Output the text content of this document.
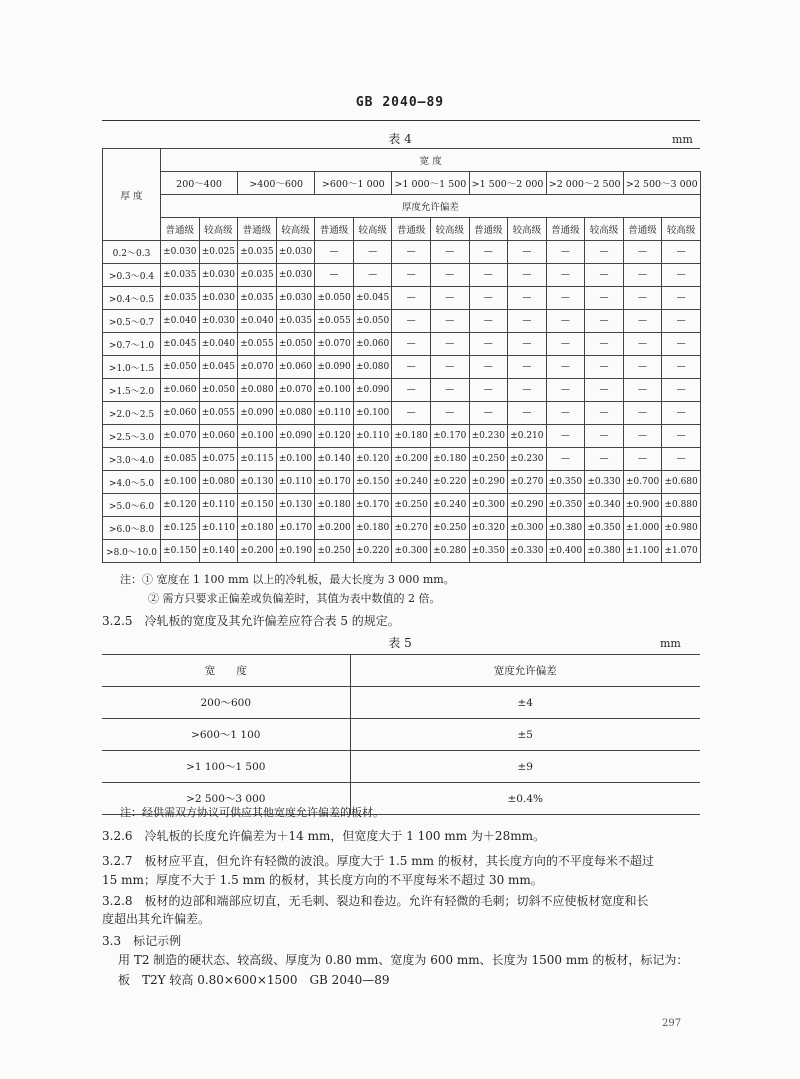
GB 2040—89
表 4	mm
厚 度	宽 度													
	200～400		>400～600		>600～1 000		>1 000～1 500		>1 500～2 000		>2 000～2 500		>2 500～3 000	
	厚度允许偏差													
	普通级	较高级	普通级	较高级	普通级	较高级	普通级	较高级	普通级	较高级	普通级	较高级	普通级	较高级
0.2～0.3	±0.030	±0.025	±0.035	±0.030	—	—	—	—	—	—	—	—	—	—
>0.3～0.4	±0.035	±0.030	±0.035	±0.030	—	—	—	—	—	—	—	—	—	—
>0.4～0.5	±0.035	±0.030	±0.035	±0.030	±0.050	±0.045	—	—	—	—	—	—	—	—
>0.5～0.7	±0.040	±0.030	±0.040	±0.035	±0.055	±0.050	—	—	—	—	—	—	—	—
>0.7～1.0	±0.045	±0.040	±0.055	±0.050	±0.070	±0.060	—	—	—	—	—	—	—	—
>1.0～1.5	±0.050	±0.045	±0.070	±0.060	±0.090	±0.080	—	—	—	—	—	—	—	—
>1.5～2.0	±0.060	±0.050	±0.080	±0.070	±0.100	±0.090	—	—	—	—	—	—	—	—
>2.0～2.5	±0.060	±0.055	±0.090	±0.080	±0.110	±0.100	—	—	—	—	—	—	—	—
>2.5～3.0	±0.070	±0.060	±0.100	±0.090	±0.120	±0.110	±0.180	±0.170	±0.230	±0.210	—	—	—	—
>3.0～4.0	±0.085	±0.075	±0.115	±0.100	±0.140	±0.120	±0.200	±0.180	±0.250	±0.230	—	—	—	—
>4.0～5.0	±0.100	±0.080	±0.130	±0.110	±0.170	±0.150	±0.240	±0.220	±0.290	±0.270	±0.350	±0.330	±0.700	±0.680
>5.0～6.0	±0.120	±0.110	±0.150	±0.130	±0.180	±0.170	±0.250	±0.240	±0.300	±0.290	±0.350	±0.340	±0.900	±0.880
>6.0～8.0	±0.125	±0.110	±0.180	±0.170	±0.200	±0.180	±0.270	±0.250	±0.320	±0.300	±0.380	±0.350	±1.000	±0.980
>8.0～10.0	±0.150	±0.140	±0.200	±0.190	±0.250	±0.220	±0.300	±0.280	±0.350	±0.330	±0.400	±0.380	±1.100	±1.070
注：① 宽度在 1 100 mm 以上的冷轧板，最大长度为 3 000 mm。
② 需方只要求正偏差或负偏差时，其值为表中数值的 2 倍。
3.2.5　冷轧板的宽度及其允许偏差应符合表 5 的规定。
表 5	mm
宽　　度	宽度允许偏差
200～600	±4
>600～1 100	±5
>1 100～1 500	±9
>2 500～3 000	±0.4%
注：经供需双方协议可供应其他宽度允许偏差的板材。
3.2.6　冷轧板的长度允许偏差为＋14 mm，但宽度大于 1 100 mm 为＋28mm。
3.2.7　板材应平直，但允许有轻微的波浪。厚度大于 1.5 mm 的板材，其长度方向的不平度每米不超过
15 mm；厚度不大于 1.5 mm 的板材，其长度方向的不平度每米不超过 30 mm。
3.2.8　板材的边部和端部应切直，无毛刺、裂边和卷边。允许有轻微的毛刺；切斜不应使板材宽度和长
度超出其允许偏差。
3.3　标记示例
用 T2 制造的硬状态、较高级、厚度为 0.80 mm、宽度为 600 mm、长度为 1500 mm 的板材，标记为：
板　T2Y 较高 0.80×600×1500　GB 2040—89
297
